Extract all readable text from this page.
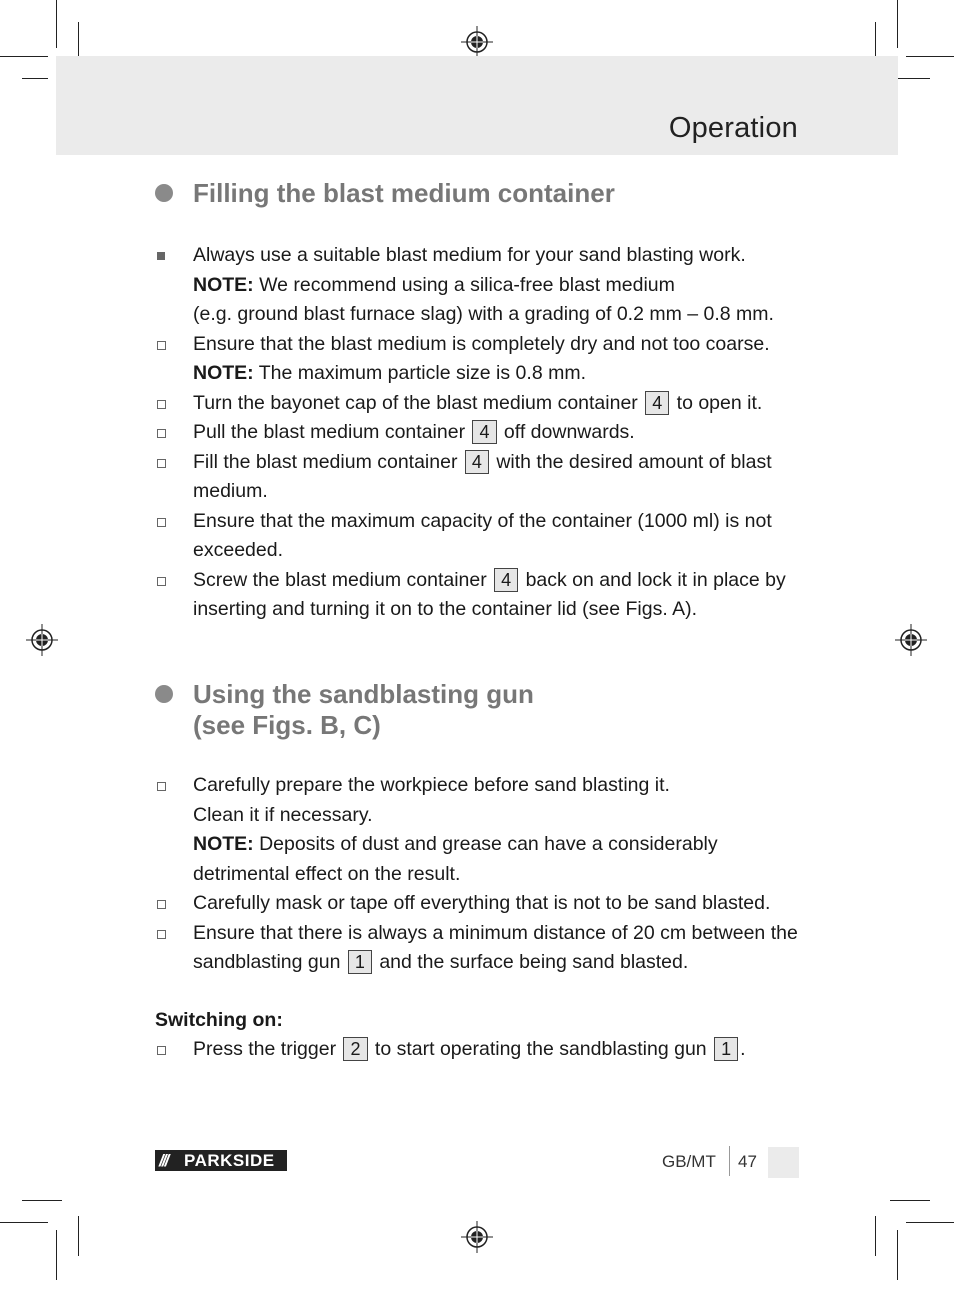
Operation
Filling the blast medium container
Always use a suitable blast medium for your sand blasting work.
NOTE: We recommend using a silica-free blast medium
(e.g. ground blast furnace slag) with a grading of 0.2 mm – 0.8 mm.
Ensure that the blast medium is completely dry and not too coarse.
NOTE: The maximum particle size is 0.8 mm.
Turn the bayonet cap of the blast medium container 4 to open it.
Pull the blast medium container 4 off downwards.
Fill the blast medium container 4 with the desired amount of blast medium.
Ensure that the maximum capacity of the container (1000 ml) is not exceeded.
Screw the blast medium container 4 back on and lock it in place by inserting and turning it on to the container lid (see Figs. A).
Using the sandblasting gun
(see Figs. B, C)
Carefully prepare the workpiece before sand blasting it.
Clean it if necessary.
NOTE: Deposits of dust and grease can have a considerably detrimental effect on the result.
Carefully mask or tape off everything that is not to be sand blasted.
Ensure that there is always a minimum distance of 20 cm between the sandblasting gun 1 and the surface being sand blasted.
Switching on:
Press the trigger 2 to start operating the sandblasting gun 1 .
/// PARKSIDE	GB/MT 47
